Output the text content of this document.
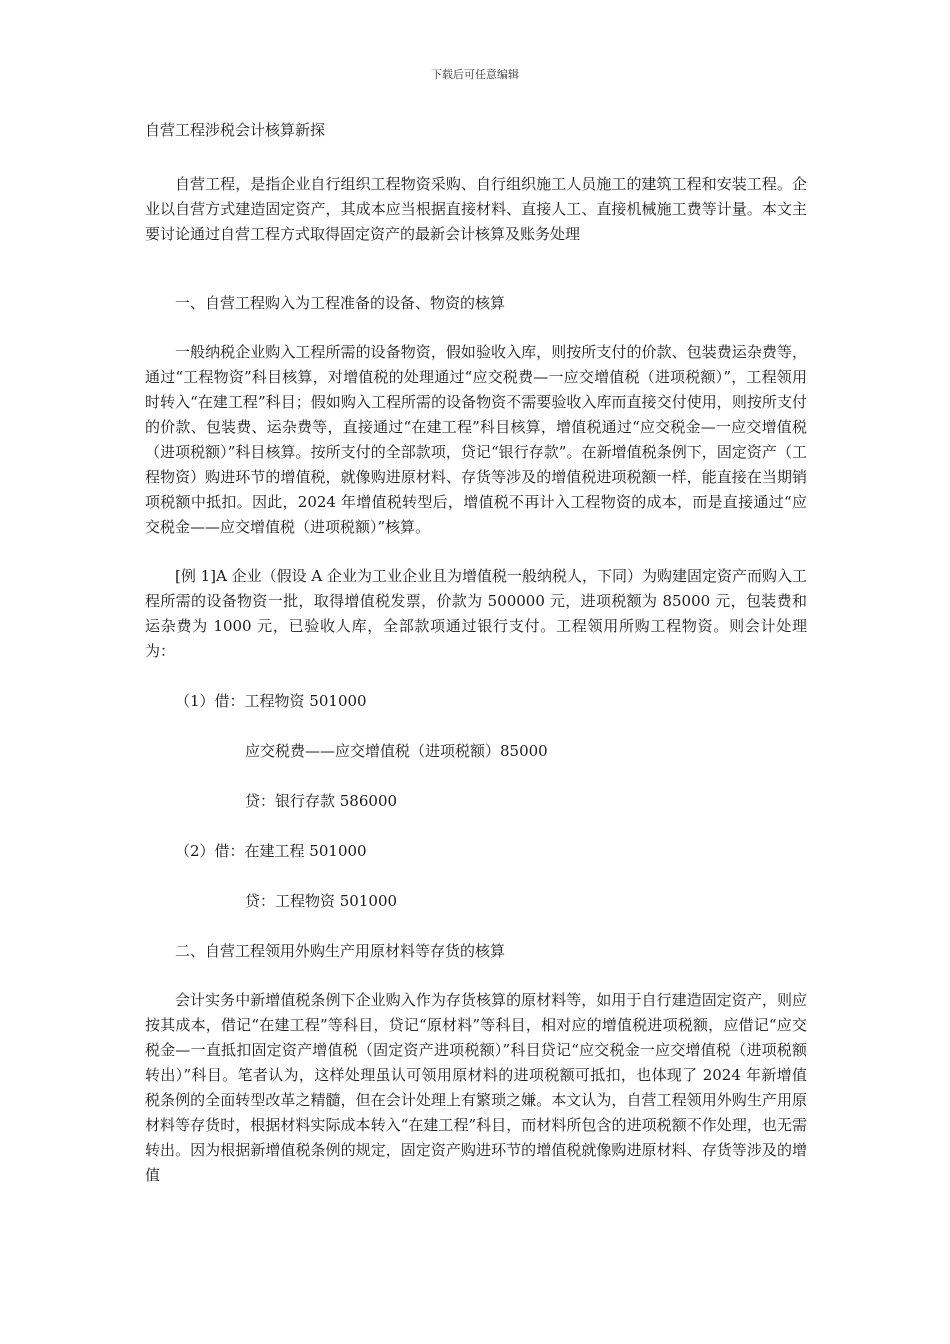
下载后可任意编辑

自营工程涉税会计核算新探

自营工程，是指企业自行组织工程物资采购、自行组织施工人员施工的建筑工程和安装工程。企业以自营方式建造固定资产，其成本应当根据直接材料、直接人工、直接机械施工费等计量。本文主要讨论通过自营工程方式取得固定资产的最新会计核算及账务处理

一、自营工程购入为工程准备的设备、物资的核算

一般纳税企业购入工程所需的设备物资，假如验收入库，则按所支付的价款、包装费运杂费等，通过“工程物资”科目核算，对增值税的处理通过“应交税费—一应交增值税（进项税额）”，工程领用时转入“在建工程”科目；假如购入工程所需的设备物资不需要验收入库而直接交付使用，则按所支付的价款、包装费、运杂费等，直接通过“在建工程”科目核算，增值税通过“应交税金—一应交增值税（进项税额）”科目核算。按所支付的全部款项，贷记“银行存款”。在新增值税条例下，固定资产（工程物资）购进环节的增值税，就像购进原材料、存货等涉及的增值税进项税额一样，能直接在当期销项税额中抵扣。因此，2024 年增值税转型后，增值税不再计入工程物资的成本，而是直接通过“应交税金——应交增值税（进项税额）”核算。

[例 1]A 企业（假设 A 企业为工业企业且为增值税一般纳税人，下同）为购建固定资产而购入工程所需的设备物资一批，取得增值税发票，价款为 500000 元，进项税额为 85000 元，包装费和运杂费为 1000 元，已验收人库，全部款项通过银行支付。工程领用所购工程物资。则会计处理为：

（1）借：工程物资 501000

应交税费——应交增值税（进项税额）85000

贷：银行存款 586000

（2）借：在建工程 501000

贷：工程物资 501000

二、自营工程领用外购生产用原材料等存货的核算

会计实务中新增值税条例下企业购入作为存货核算的原材料等，如用于自行建造固定资产，则应按其成本，借记“在建工程”等科目，贷记“原材料”等科目，相对应的增值税进项税额，应借记“应交税金—一直抵扣固定资产增值税（固定资产进项税额）”科目贷记“应交税金一应交增值税（进项税额转出）”科目。笔者认为，这样处理虽认可领用原材料的进项税额可抵扣，也体现了 2024 年新增值税条例的全面转型改革之精髓，但在会计处理上有繁琐之嫌。本文认为，自营工程领用外购生产用原材料等存货时，根据材料实际成本转入“在建工程”科目，而材料所包含的进项税额不作处理，也无需转出。因为根据新增值税条例的规定，固定资产购进环节的增值税就像购进原材料、存货等涉及的增值
